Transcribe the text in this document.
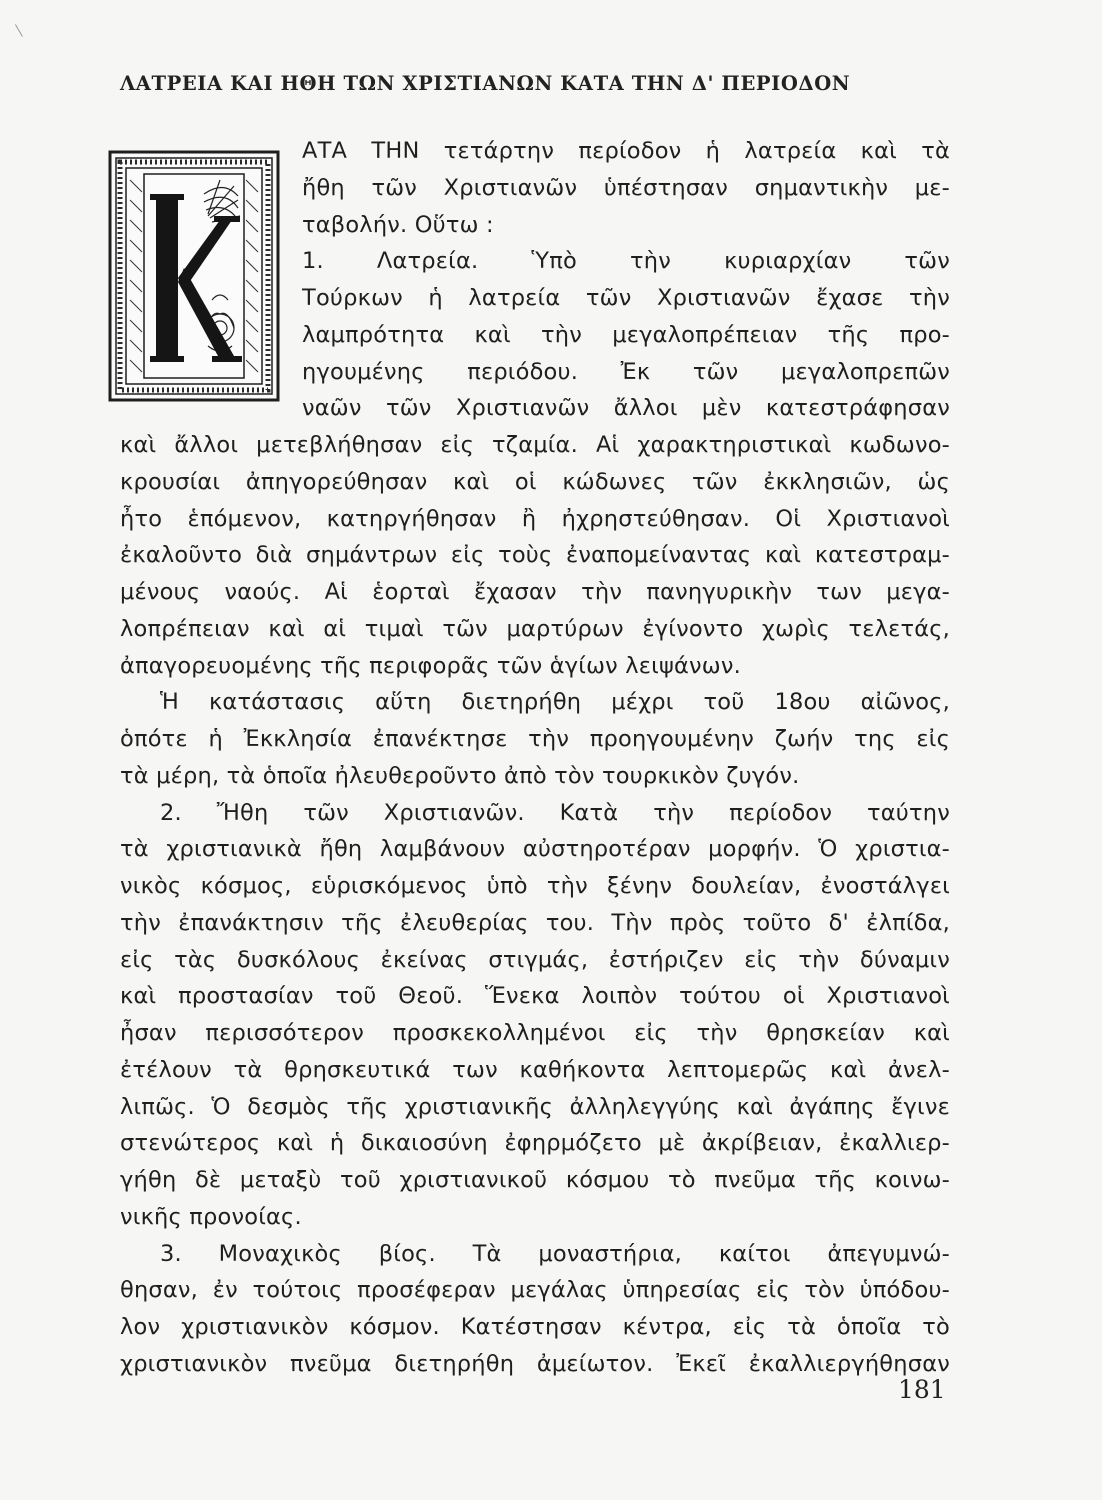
ΛΑΤΡΕΙΑ ΚΑΙ ΗΘΗ ΤΩΝ ΧΡΙΣΤΙΑΝΩΝ ΚΑΤΑ ΤΗΝ Δ' ΠΕΡΙΟΔΟΝ
ΑΤΑ ΤΗΝ τετάρτην περίοδον ἡ λατρεία καὶ τὰ
ἤθη τῶν Χριστιανῶν ὑπέστησαν σημαντικὴν με-
ταβολήν. Οὕτω :
1. Λατρεία. Ὑπὸ τὴν κυριαρχίαν τῶν
Τούρκων ἡ λατρεία τῶν Χριστιανῶν ἔχασε τὴν
λαμπρότητα καὶ τὴν μεγαλοπρέπειαν τῆς προ-
ηγουμένης περιόδου. Ἐκ τῶν μεγαλοπρεπῶν
ναῶν τῶν Χριστιανῶν ἄλλοι μὲν κατεστράφησαν
καὶ ἄλλοι μετεβλήθησαν εἰς τζαμία. Αἱ χαρακτηριστικαὶ κωδωνο-
κρουσίαι ἀπηγορεύθησαν καὶ οἱ κώδωνες τῶν ἐκκλησιῶν, ὡς
ἦτο ἑπόμενον, κατηργήθησαν ἢ ἠχρηστεύθησαν. Οἱ Χριστιανοὶ
ἐκαλοῦντο διὰ σημάντρων εἰς τοὺς ἐναπομείναντας καὶ κατεστραμ-
μένους ναούς. Αἱ ἑορταὶ ἔχασαν τὴν πανηγυρικὴν των μεγα-
λοπρέπειαν καὶ αἱ τιμαὶ τῶν μαρτύρων ἐγίνοντο χωρὶς τελετάς,
ἀπαγορευομένης τῆς περιφορᾶς τῶν ἁγίων λειψάνων.
Ἡ κατάστασις αὕτη διετηρήθη μέχρι τοῦ 18ου αἰῶνος,
ὁπότε ἡ Ἐκκλησία ἐπανέκτησε τὴν προηγουμένην ζωήν της εἰς
τὰ μέρη, τὰ ὁποῖα ἠλευθεροῦντο ἀπὸ τὸν τουρκικὸν ζυγόν.
2. Ἤθη τῶν Χριστιανῶν. Κατὰ τὴν περίοδον ταύτην
τὰ χριστιανικὰ ἤθη λαμβάνουν αὐστηροτέραν μορφήν. Ὁ χριστια-
νικὸς κόσμος, εὑρισκόμενος ὑπὸ τὴν ξένην δουλείαν, ἐνοστάλγει
τὴν ἐπανάκτησιν τῆς ἐλευθερίας του. Τὴν πρὸς τοῦτο δ' ἐλπίδα,
εἰς τὰς δυσκόλους ἐκείνας στιγμάς, ἐστήριζεν εἰς τὴν δύναμιν
καὶ προστασίαν τοῦ Θεοῦ. Ἕνεκα λοιπὸν τούτου οἱ Χριστιανοὶ
ἦσαν περισσότερον προσκεκολλημένοι εἰς τὴν θρησκείαν καὶ
ἐτέλουν τὰ θρησκευτικά των καθήκοντα λεπτομερῶς καὶ ἀνελ-
λιπῶς. Ὁ δεσμὸς τῆς χριστιανικῆς ἀλληλεγγύης καὶ ἀγάπης ἔγινε
στενώτερος καὶ ἡ δικαιοσύνη ἐφηρμόζετο μὲ ἀκρίβειαν, ἐκαλλιερ-
γήθη δὲ μεταξὺ τοῦ χριστιανικοῦ κόσμου τὸ πνεῦμα τῆς κοινω-
νικῆς προνοίας.
3. Μοναχικὸς βίος. Τὰ μοναστήρια, καίτοι ἀπεγυμνώ-
θησαν, ἐν τούτοις προσέφεραν μεγάλας ὑπηρεσίας εἰς τὸν ὑπόδου-
λον χριστιανικὸν κόσμον. Κατέστησαν κέντρα, εἰς τὰ ὁποῖα τὸ
χριστιανικὸν πνεῦμα διετηρήθη ἀμείωτον. Ἐκεῖ ἐκαλλιεργήθησαν
181
